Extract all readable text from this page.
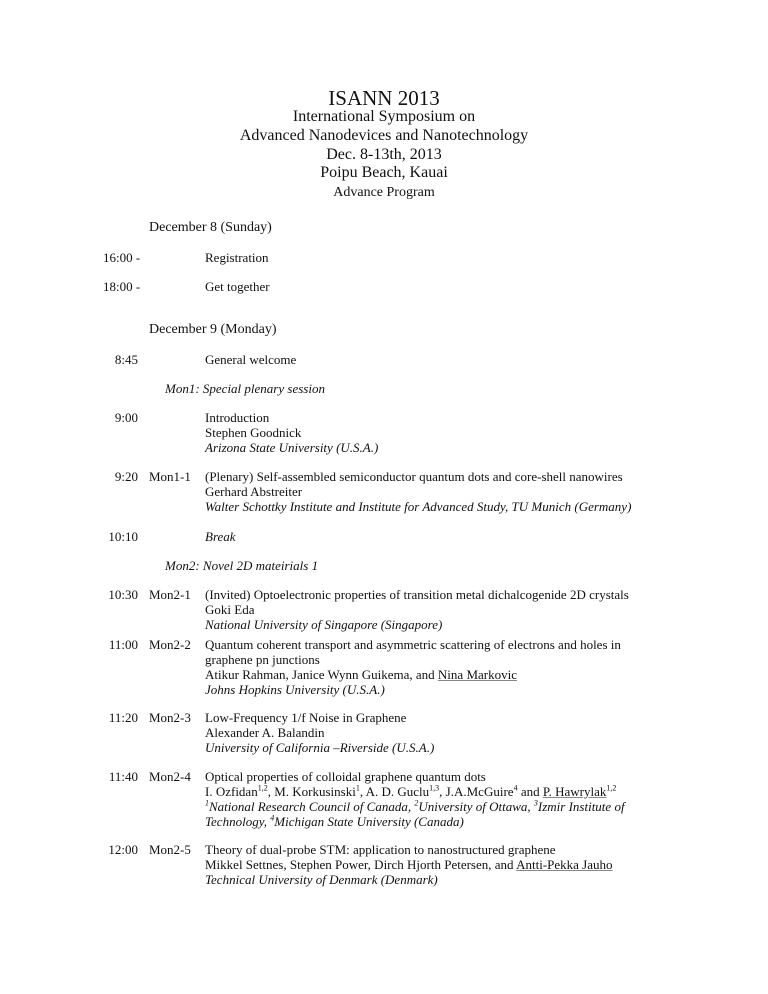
ISANN 2013
International Symposium on
Advanced Nanodevices and Nanotechnology
Dec. 8-13th, 2013
Poipu Beach, Kauai
Advance Program
December 8 (Sunday)
16:00 -	Registration
18:00 -	Get together
December 9 (Monday)
8:45	General welcome
Mon1: Special plenary session
9:00	Introduction
Stephen Goodnick
Arizona State University (U.S.A.)
9:20 Mon1-1 (Plenary) Self-assembled semiconductor quantum dots and core-shell nanowires
Gerhard Abstreiter
Walter Schottky Institute and Institute for Advanced Study, TU Munich (Germany)
10:10	Break
Mon2: Novel 2D mateirials 1
10:30 Mon2-1 (Invited) Optoelectronic properties of transition metal dichalcogenide 2D crystals
Goki Eda
National University of Singapore (Singapore)
11:00 Mon2-2 Quantum coherent transport and asymmetric scattering of electrons and holes in
graphene pn junctions
Atikur Rahman, Janice Wynn Guikema, and Nina Markovic
Johns Hopkins University (U.S.A.)
11:20 Mon2-3 Low-Frequency 1/f Noise in Graphene
Alexander A. Balandin
University of California –Riverside (U.S.A.)
11:40 Mon2-4 Optical properties of colloidal graphene quantum dots
I. Ozfidan$^{1,2}$, M. Korkusinski$^1$, A. D. Guclu$^{1,3}$, J.A.McGuire$^4$ and P. Hawrylak$^{1,2}$
$^1$National Research Council of Canada, $^2$University of Ottawa, $^3$Izmir Institute of
Technology, $^4$Michigan State University (Canada)
12:00 Mon2-5 Theory of dual-probe STM: application to nanostructured graphene
Mikkel Settnes, Stephen Power, Dirch Hjorth Petersen, and Antti-Pekka Jauho
Technical University of Denmark (Denmark)
